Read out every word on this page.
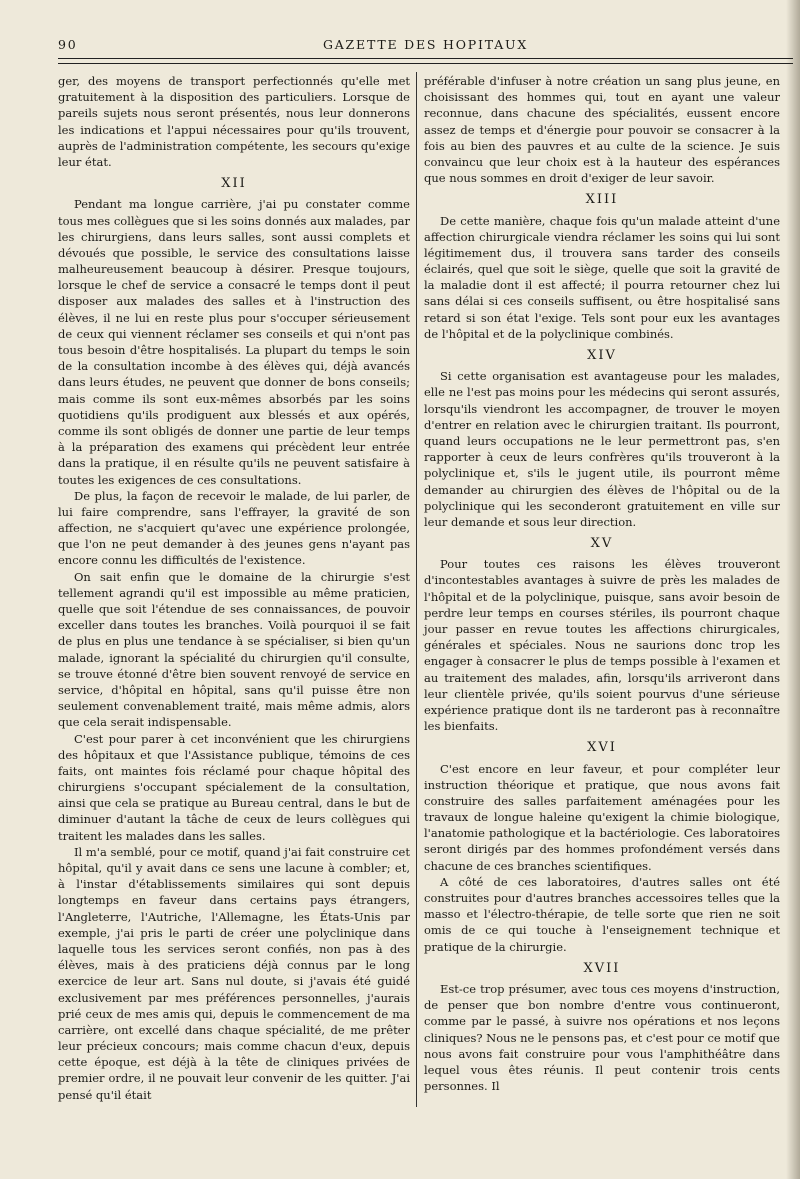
90	GAZETTE DES HOPITAUX

ger, des moyens de transport perfectionnés qu'elle met gratuitement à la disposition des particuliers. Lorsque de pareils sujets nous seront présentés, nous leur donnerons les indications et l'appui nécessaires pour qu'ils trouvent, auprès de l'administration compétente, les secours qu'exige leur état.

XII

Pendant ma longue carrière, j'ai pu constater comme tous mes collègues que si les soins donnés aux malades, par les chirurgiens, dans leurs salles, sont aussi complets et dévoués que possible, le service des consultations laisse malheureusement beaucoup à désirer. Presque toujours, lorsque le chef de service a consacré le temps dont il peut disposer aux malades des salles et à l'instruction des élèves, il ne lui en reste plus pour s'occuper sérieusement de ceux qui viennent réclamer ses conseils et qui n'ont pas tous besoin d'être hospitalisés. La plupart du temps le soin de la consultation incombe à des élèves qui, déjà avancés dans leurs études, ne peuvent que donner de bons conseils; mais comme ils sont eux-mêmes absorbés par les soins quotidiens qu'ils prodiguent aux blessés et aux opérés, comme ils sont obligés de donner une partie de leur temps à la préparation des examens qui précèdent leur entrée dans la pratique, il en résulte qu'ils ne peuvent satisfaire à toutes les exigences de ces consultations.

De plus, la façon de recevoir le malade, de lui parler, de lui faire comprendre, sans l'effrayer, la gravité de son affection, ne s'acquiert qu'avec une expérience prolongée, que l'on ne peut demander à des jeunes gens n'ayant pas encore connu les difficultés de l'existence.

On sait enfin que le domaine de la chirurgie s'est tellement agrandi qu'il est impossible au même praticien, quelle que soit l'étendue de ses connaissances, de pouvoir exceller dans toutes les branches. Voilà pourquoi il se fait de plus en plus une tendance à se spécialiser, si bien qu'un malade, ignorant la spécialité du chirurgien qu'il consulte, se trouve étonné d'être bien souvent renvoyé de service en service, d'hôpital en hôpital, sans qu'il puisse être non seulement convenablement traité, mais même admis, alors que cela serait indispensable.

C'est pour parer à cet inconvénient que les chirurgiens des hôpitaux et que l'Assistance publique, témoins de ces faits, ont maintes fois réclamé pour chaque hôpital des chirurgiens s'occupant spécialement de la consultation, ainsi que cela se pratique au Bureau central, dans le but de diminuer d'autant la tâche de ceux de leurs collègues qui traitent les malades dans les salles.

Il m'a semblé, pour ce motif, quand j'ai fait construire cet hôpital, qu'il y avait dans ce sens une lacune à combler; et, à l'instar d'établissements similaires qui sont depuis longtemps en faveur dans certains pays étrangers, l'Angleterre, l'Autriche, l'Allemagne, les États-Unis par exemple, j'ai pris le parti de créer une polyclinique dans laquelle tous les services seront confiés, non pas à des élèves, mais à des praticiens déjà connus par le long exercice de leur art. Sans nul doute, si j'avais été guidé exclusivement par mes préférences personnelles, j'aurais prié ceux de mes amis qui, depuis le commencement de ma carrière, ont excellé dans chaque spécialité, de me prêter leur précieux concours; mais comme chacun d'eux, depuis cette époque, est déjà à la tête de cliniques privées de premier ordre, il ne pouvait leur convenir de les quitter. J'ai pensé qu'il était

préférable d'infuser à notre création un sang plus jeune, en choisissant des hommes qui, tout en ayant une valeur reconnue, dans chacune des spécialités, eussent encore assez de temps et d'énergie pour pouvoir se consacrer à la fois au bien des pauvres et au culte de la science. Je suis convaincu que leur choix est à la hauteur des espérances que nous sommes en droit d'exiger de leur savoir.

XIII

De cette manière, chaque fois qu'un malade atteint d'une affection chirurgicale viendra réclamer les soins qui lui sont légitimement dus, il trouvera sans tarder des conseils éclairés, quel que soit le siège, quelle que soit la gravité de la maladie dont il est affecté; il pourra retourner chez lui sans délai si ces conseils suffisent, ou être hospitalisé sans retard si son état l'exige. Tels sont pour eux les avantages de l'hôpital et de la polyclinique combinés.

XIV

Si cette organisation est avantageuse pour les malades, elle ne l'est pas moins pour les médecins qui seront assurés, lorsqu'ils viendront les accompagner, de trouver le moyen d'entrer en relation avec le chirurgien traitant. Ils pourront, quand leurs occupations ne le leur permettront pas, s'en rapporter à ceux de leurs confrères qu'ils trouveront à la polyclinique et, s'ils le jugent utile, ils pourront même demander au chirurgien des élèves de l'hôpital ou de la polyclinique qui les seconderont gratuitement en ville sur leur demande et sous leur direction.

XV

Pour toutes ces raisons les élèves trouveront d'incontestables avantages à suivre de près les malades de l'hôpital et de la polyclinique, puisque, sans avoir besoin de perdre leur temps en courses stériles, ils pourront chaque jour passer en revue toutes les affections chirurgicales, générales et spéciales. Nous ne saurions donc trop les engager à consacrer le plus de temps possible à l'examen et au traitement des malades, afin, lorsqu'ils arriveront dans leur clientèle privée, qu'ils soient pourvus d'une sérieuse expérience pratique dont ils ne tarderont pas à reconnaître les bienfaits.

XVI

C'est encore en leur faveur, et pour compléter leur instruction théorique et pratique, que nous avons fait construire des salles parfaitement aménagées pour les travaux de longue haleine qu'exigent la chimie biologique, l'anatomie pathologique et la bactériologie. Ces laboratoires seront dirigés par des hommes profondément versés dans chacune de ces branches scientifiques.

A côté de ces laboratoires, d'autres salles ont été construites pour d'autres branches accessoires telles que la masso et l'électro-thérapie, de telle sorte que rien ne soit omis de ce qui touche à l'enseignement technique et pratique de la chirurgie.

XVII

Est-ce trop présumer, avec tous ces moyens d'instruction, de penser que bon nombre d'entre vous continueront, comme par le passé, à suivre nos opérations et nos leçons cliniques? Nous ne le pensons pas, et c'est pour ce motif que nous avons fait construire pour vous l'amphithéâtre dans lequel vous êtes réunis. Il peut contenir trois cents personnes. Il
